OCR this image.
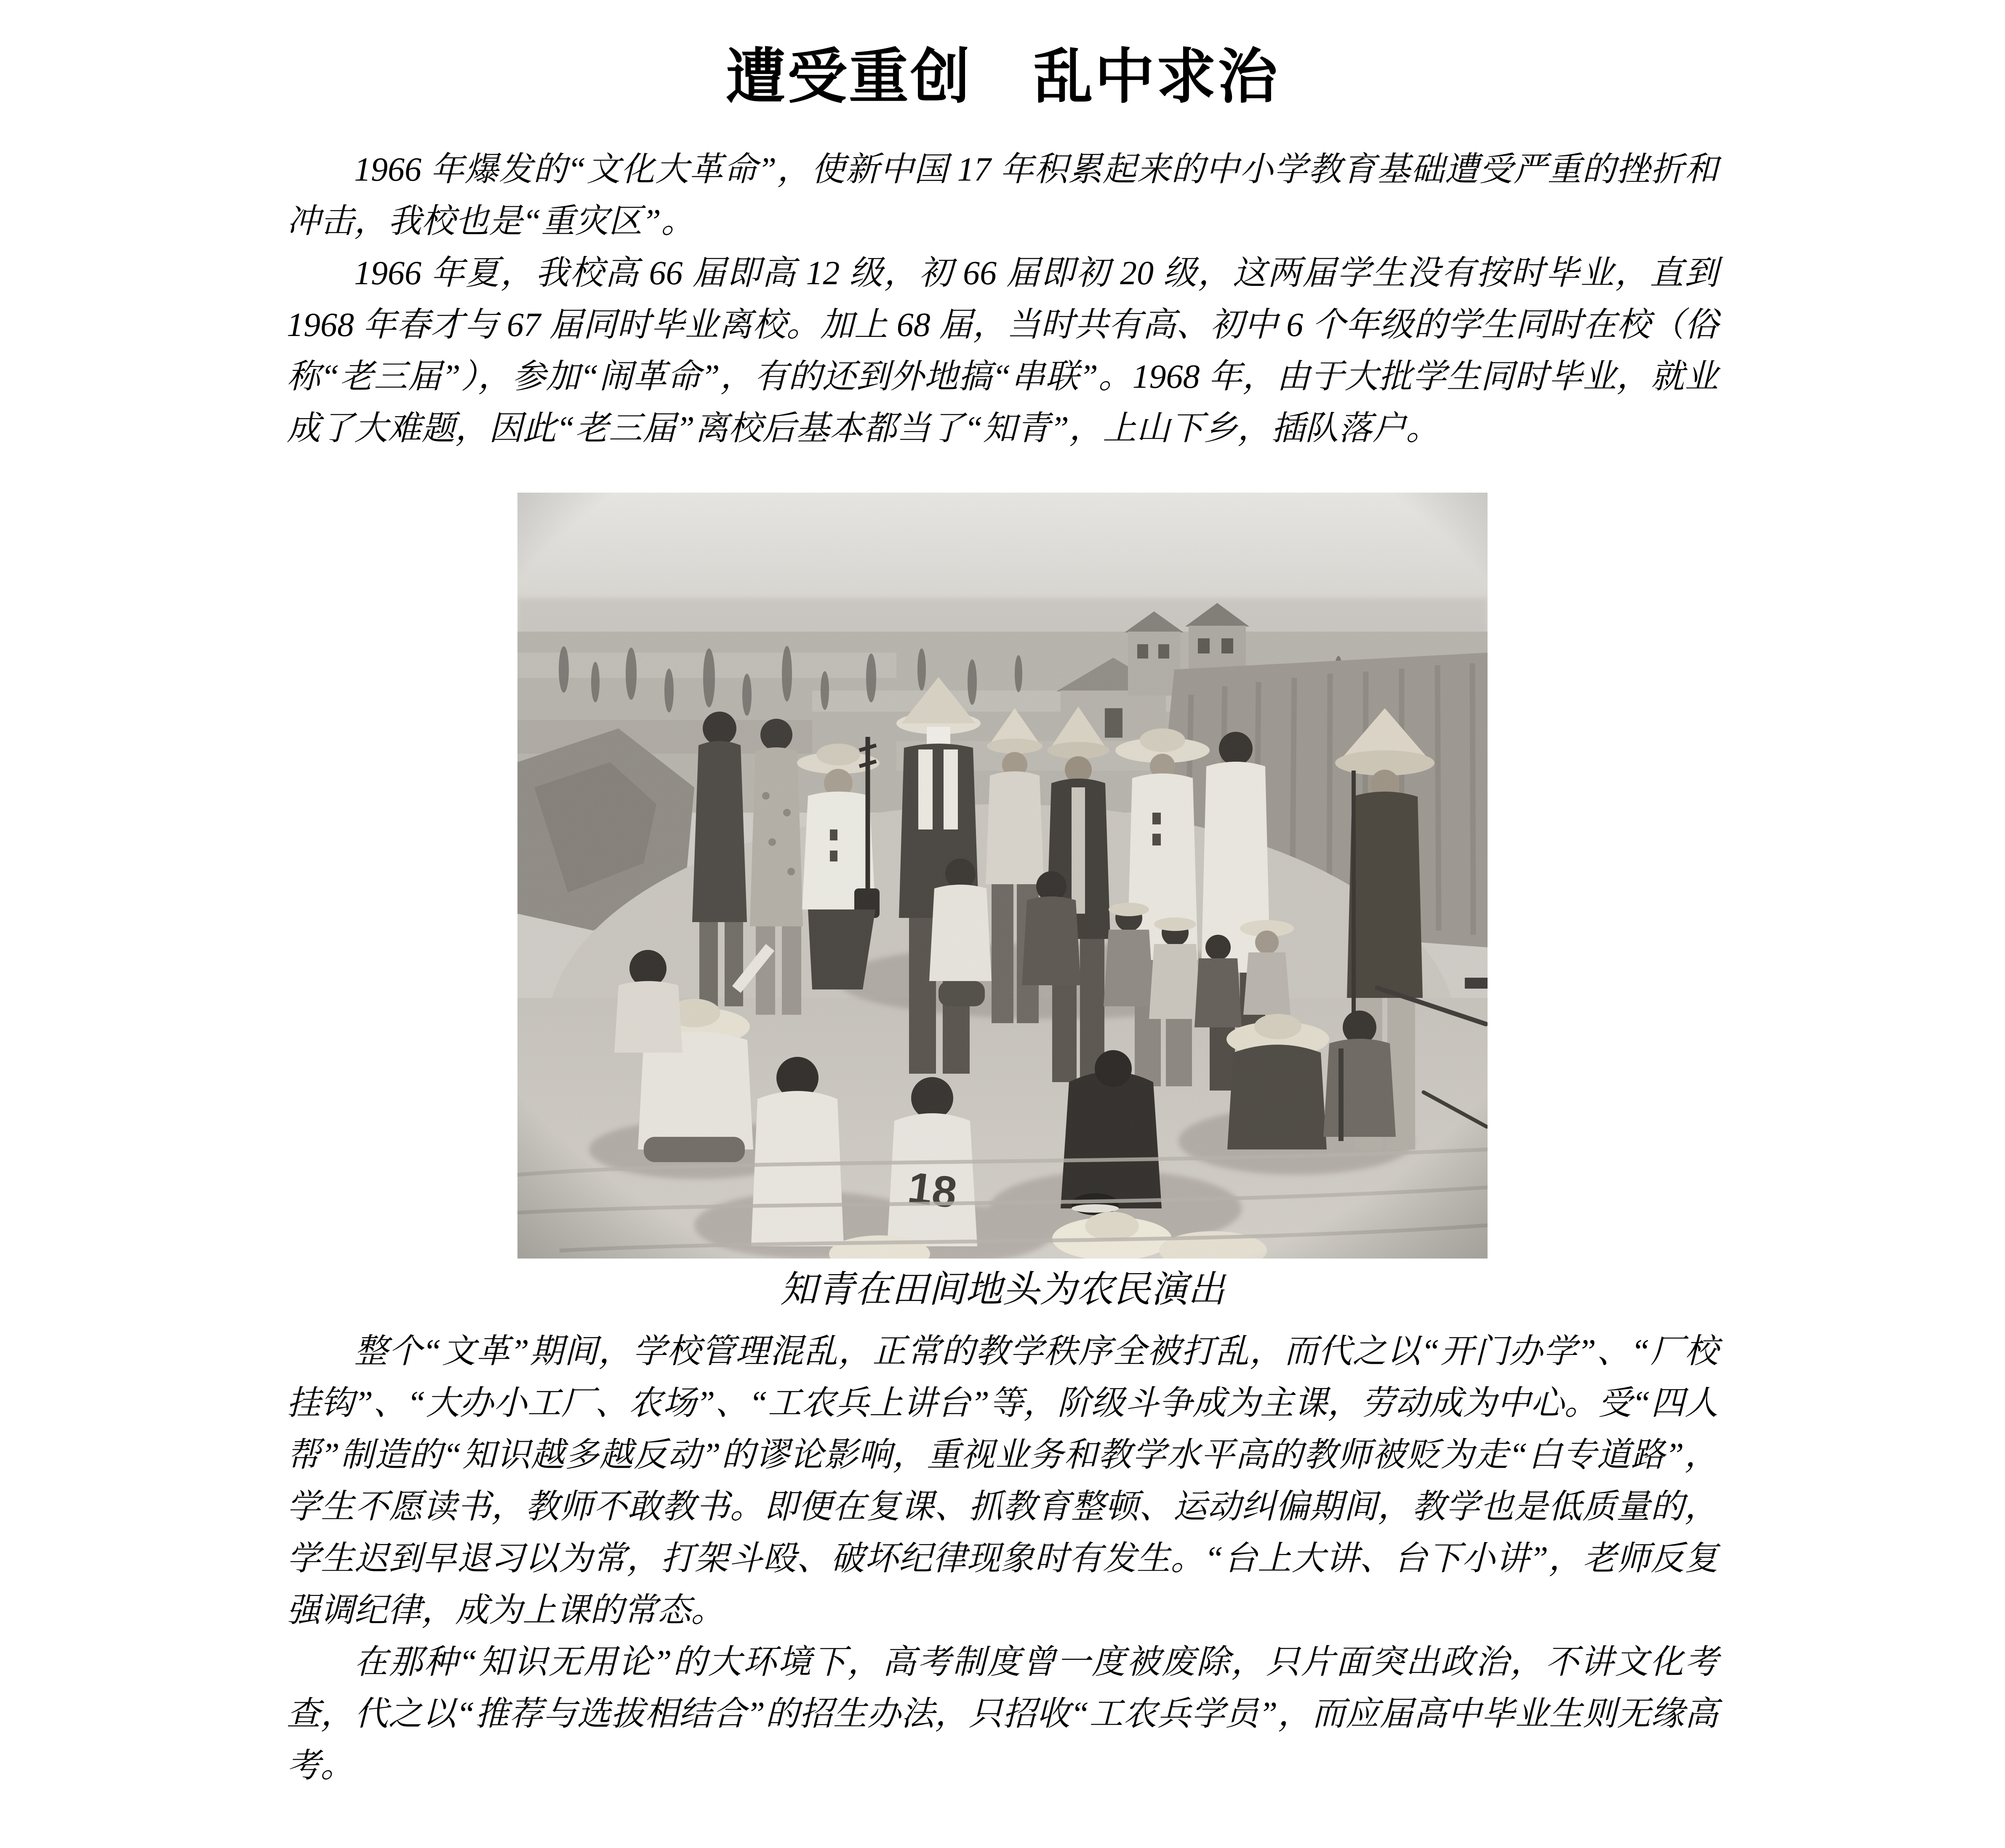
遭受重创　乱中求治

1966 年爆发的“文化大革命”，使新中国 17 年积累起来的中小学教育基础遭受严重的挫折和冲击，我校也是“重灾区”。

1966 年夏，我校高 66 届即高 12 级，初 66 届即初 20 级，这两届学生没有按时毕业，直到 1968 年春才与 67 届同时毕业离校。加上 68 届，当时共有高、初中 6 个年级的学生同时在校（俗称“老三届”），参加“闹革命”，有的还到外地搞“串联”。1968 年，由于大批学生同时毕业，就业成了大难题，因此“老三届”离校后基本都当了“知青”，上山下乡，插队落户。

知青在田间地头为农民演出

整个“文革”期间，学校管理混乱，正常的教学秩序全被打乱，而代之以“开门办学”、“厂校挂钩”、“大办小工厂、农场”、“工农兵上讲台”等，阶级斗争成为主课，劳动成为中心。受“四人帮”制造的“知识越多越反动”的谬论影响，重视业务和教学水平高的教师被贬为走“白专道路”，学生不愿读书，教师不敢教书。即便在复课、抓教育整顿、运动纠偏期间，教学也是低质量的，学生迟到早退习以为常，打架斗殴、破坏纪律现象时有发生。“台上大讲、台下小讲”，老师反复强调纪律，成为上课的常态。

在那种“知识无用论”的大环境下，高考制度曾一度被废除，只片面突出政治，不讲文化考查，代之以“推荐与选拔相结合”的招生办法，只招收“工农兵学员”，而应届高中毕业生则无缘高考。
